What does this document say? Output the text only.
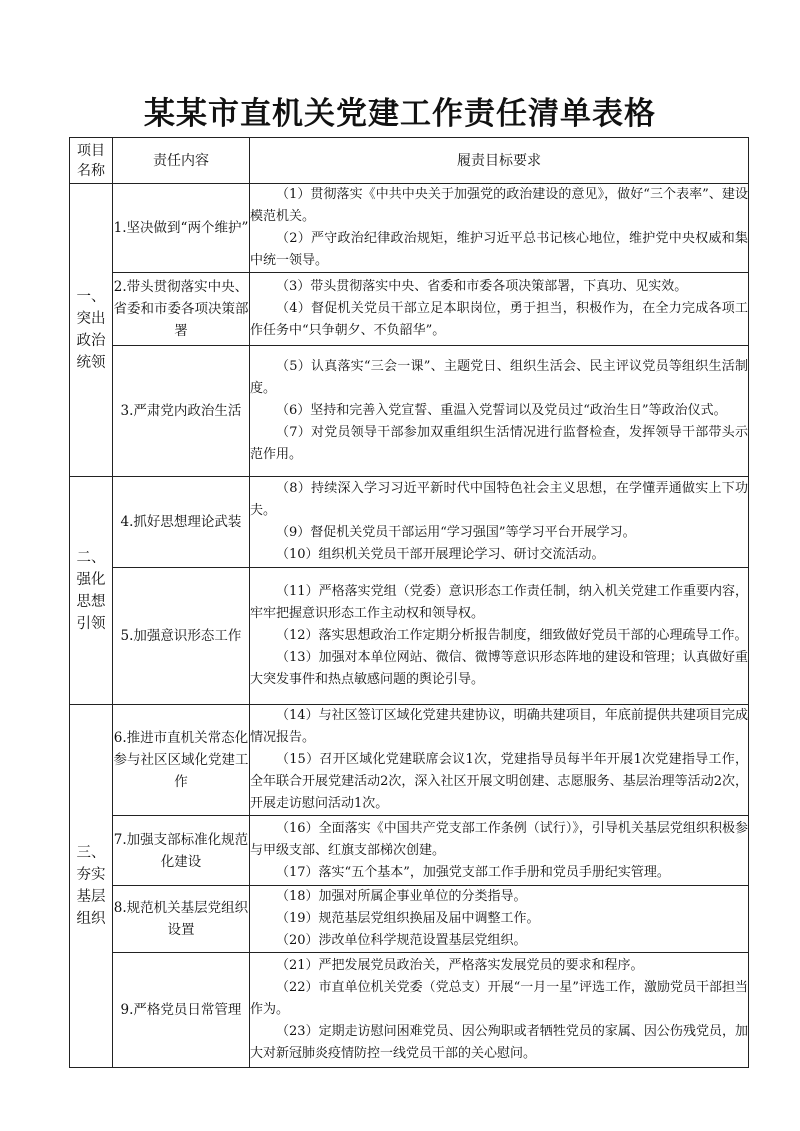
某某市直机关党建工作责任清单表格
项目名称	责任内容	履责目标要求
一、突出政治统领	1.坚决做到“两个维护”	（1）贯彻落实《中共中央关于加强党的政治建设的意见》，做好“三个表率”、建设模范机关。
（2）严守政治纪律政治规矩，维护习近平总书记核心地位，维护党中央权威和集中统一领导。

	2.带头贯彻落实中央、省委和市委各项决策部署	（3）带头贯彻落实中央、省委和市委各项决策部署，下真功、见实效。
（4）督促机关党员干部立足本职岗位，勇于担当，积极作为，在全力完成各项工作任务中“只争朝夕、不负韶华”。

	3.严肃党内政治生活	（5）认真落实“三会一课”、主题党日、组织生活会、民主评议党员等组织生活制度。
（6）坚持和完善入党宣誓、重温入党誓词以及党员过“政治生日”等政治仪式。
（7）对党员领导干部参加双重组织生活情况进行监督检查，发挥领导干部带头示范作用。

二、强化思想引领	4.抓好思想理论武装	（8）持续深入学习习近平新时代中国特色社会主义思想，在学懂弄通做实上下功夫。
（9）督促机关党员干部运用“学习强国”等学习平台开展学习。
（10）组织机关党员干部开展理论学习、研讨交流活动。

	5.加强意识形态工作	（11）严格落实党组（党委）意识形态工作责任制，纳入机关党建工作重要内容，牢牢把握意识形态工作主动权和领导权。
（12）落实思想政治工作定期分析报告制度，细致做好党员干部的心理疏导工作。
（13）加强对本单位网站、微信、微博等意识形态阵地的建设和管理；认真做好重大突发事件和热点敏感问题的舆论引导。

三、夯实基层组织	6.推进市直机关常态化参与社区区域化党建工作	（14）与社区签订区域化党建共建协议，明确共建项目，年底前提供共建项目完成情况报告。
（15）召开区域化党建联席会议1次，党建指导员每半年开展1次党建指导工作，全年联合开展党建活动2次，深入社区开展文明创建、志愿服务、基层治理等活动2次，开展走访慰问活动1次。

	7.加强支部标准化规范化建设	（16）全面落实《中国共产党支部工作条例（试行）》，引导机关基层党组织积极参与甲级支部、红旗支部梯次创建。
（17）落实“五个基本”，加强党支部工作手册和党员手册纪实管理。

	8.规范机关基层党组织设置	（18）加强对所属企事业单位的分类指导。
（19）规范基层党组织换届及届中调整工作。
（20）涉改单位科学规范设置基层党组织。

	9.严格党员日常管理	（21）严把发展党员政治关，严格落实发展党员的要求和程序。
（22）市直单位机关党委（党总支）开展“一月一星”评选工作，激励党员干部担当作为。
（23）定期走访慰问困难党员、因公殉职或者牺牲党员的家属、因公伤残党员，加大对新冠肺炎疫情防控一线党员干部的关心慰问。
